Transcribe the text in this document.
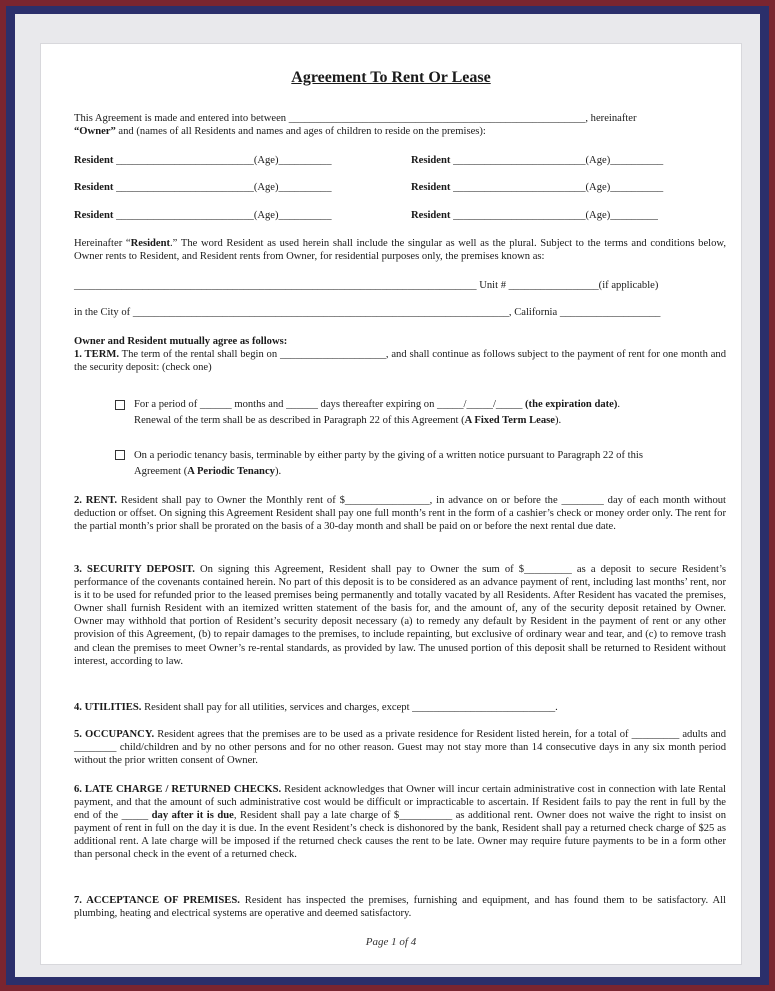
Agreement To Rent Or Lease
This Agreement is made and entered into between ________________________________________________________, hereinafter
“Owner” and (names of all Residents and names and ages of children to reside on the premises):
Resident __________________________(Age)__________	Resident _________________________(Age)__________
Resident __________________________(Age)__________	Resident _________________________(Age)__________
Resident __________________________(Age)__________	Resident _________________________(Age)_________
Hereinafter “Resident.” The word Resident as used herein shall include the singular as well as the plural. Subject to the terms and conditions below, Owner rents to Resident, and Resident rents from Owner, for residential purposes only, the premises known as:
____________________________________________________________________________ Unit # _________________(if applicable)
in the City of _______________________________________________________________________, California ___________________
Owner and Resident mutually agree as follows:
1. TERM. The term of the rental shall begin on ____________________, and shall continue as follows subject to the payment of rent for one month and the security deposit: (check one)
For a period of ______ months and ______ days thereafter expiring on _____/_____/_____ (the expiration date).
Renewal of the term shall be as described in Paragraph 22 of this Agreement (A Fixed Term Lease).
On a periodic tenancy basis, terminable by either party by the giving of a written notice pursuant to Paragraph 22 of this
Agreement (A Periodic Tenancy).
2. RENT. Resident shall pay to Owner the Monthly rent of $________________, in advance on or before the ________ day of each month without deduction or offset. On signing this Agreement Resident shall pay one full month’s rent in the form of a cashier’s check or money order only. The rent for the partial month’s prior shall be prorated on the basis of a 30-day month and shall be paid on or before the next rental due date.
3. SECURITY DEPOSIT. On signing this Agreement, Resident shall pay to Owner the sum of $_________ as a deposit to secure Resident’s performance of the covenants contained herein. No part of this deposit is to be considered as an advance payment of rent, including last months’ rent, nor is it to be used for refunded prior to the leased premises being permanently and totally vacated by all Residents. After Resident has vacated the premises, Owner shall furnish Resident with an itemized written statement of the basis for, and the amount of, any of the security deposit retained by Owner. Owner may withhold that portion of Resident’s security deposit necessary (a) to remedy any default by Resident in the payment of rent or any other provision of this Agreement, (b) to repair damages to the premises, to include repainting, but exclusive of ordinary wear and tear, and (c) to remove trash and clean the premises to meet Owner’s re-rental standards, as provided by law. The unused portion of this deposit shall be returned to Resident without interest, according to law.
4. UTILITIES. Resident shall pay for all utilities, services and charges, except ___________________________.
5. OCCUPANCY. Resident agrees that the premises are to be used as a private residence for Resident listed herein, for a total of _________ adults and ________ child/children and by no other persons and for no other reason. Guest may not stay more than 14 consecutive days in any six month period without the prior written consent of Owner.
6. LATE CHARGE / RETURNED CHECKS. Resident acknowledges that Owner will incur certain administrative cost in connection with late Rental payment, and that the amount of such administrative cost would be difficult or impracticable to ascertain. If Resident fails to pay the rent in full by the end of the _____ day after it is due, Resident shall pay a late charge of $__________ as additional rent. Owner does not waive the right to insist on payment of rent in full on the day it is due. In the event Resident’s check is dishonored by the bank, Resident shall pay a returned check charge of $25 as additional rent. A late charge will be imposed if the returned check causes the rent to be late. Owner may require future payments to be in a form other than personal check in the event of a returned check.
7. ACCEPTANCE OF PREMISES. Resident has inspected the premises, furnishing and equipment, and has found them to be satisfactory. All plumbing, heating and electrical systems are operative and deemed satisfactory.
Page 1 of 4
